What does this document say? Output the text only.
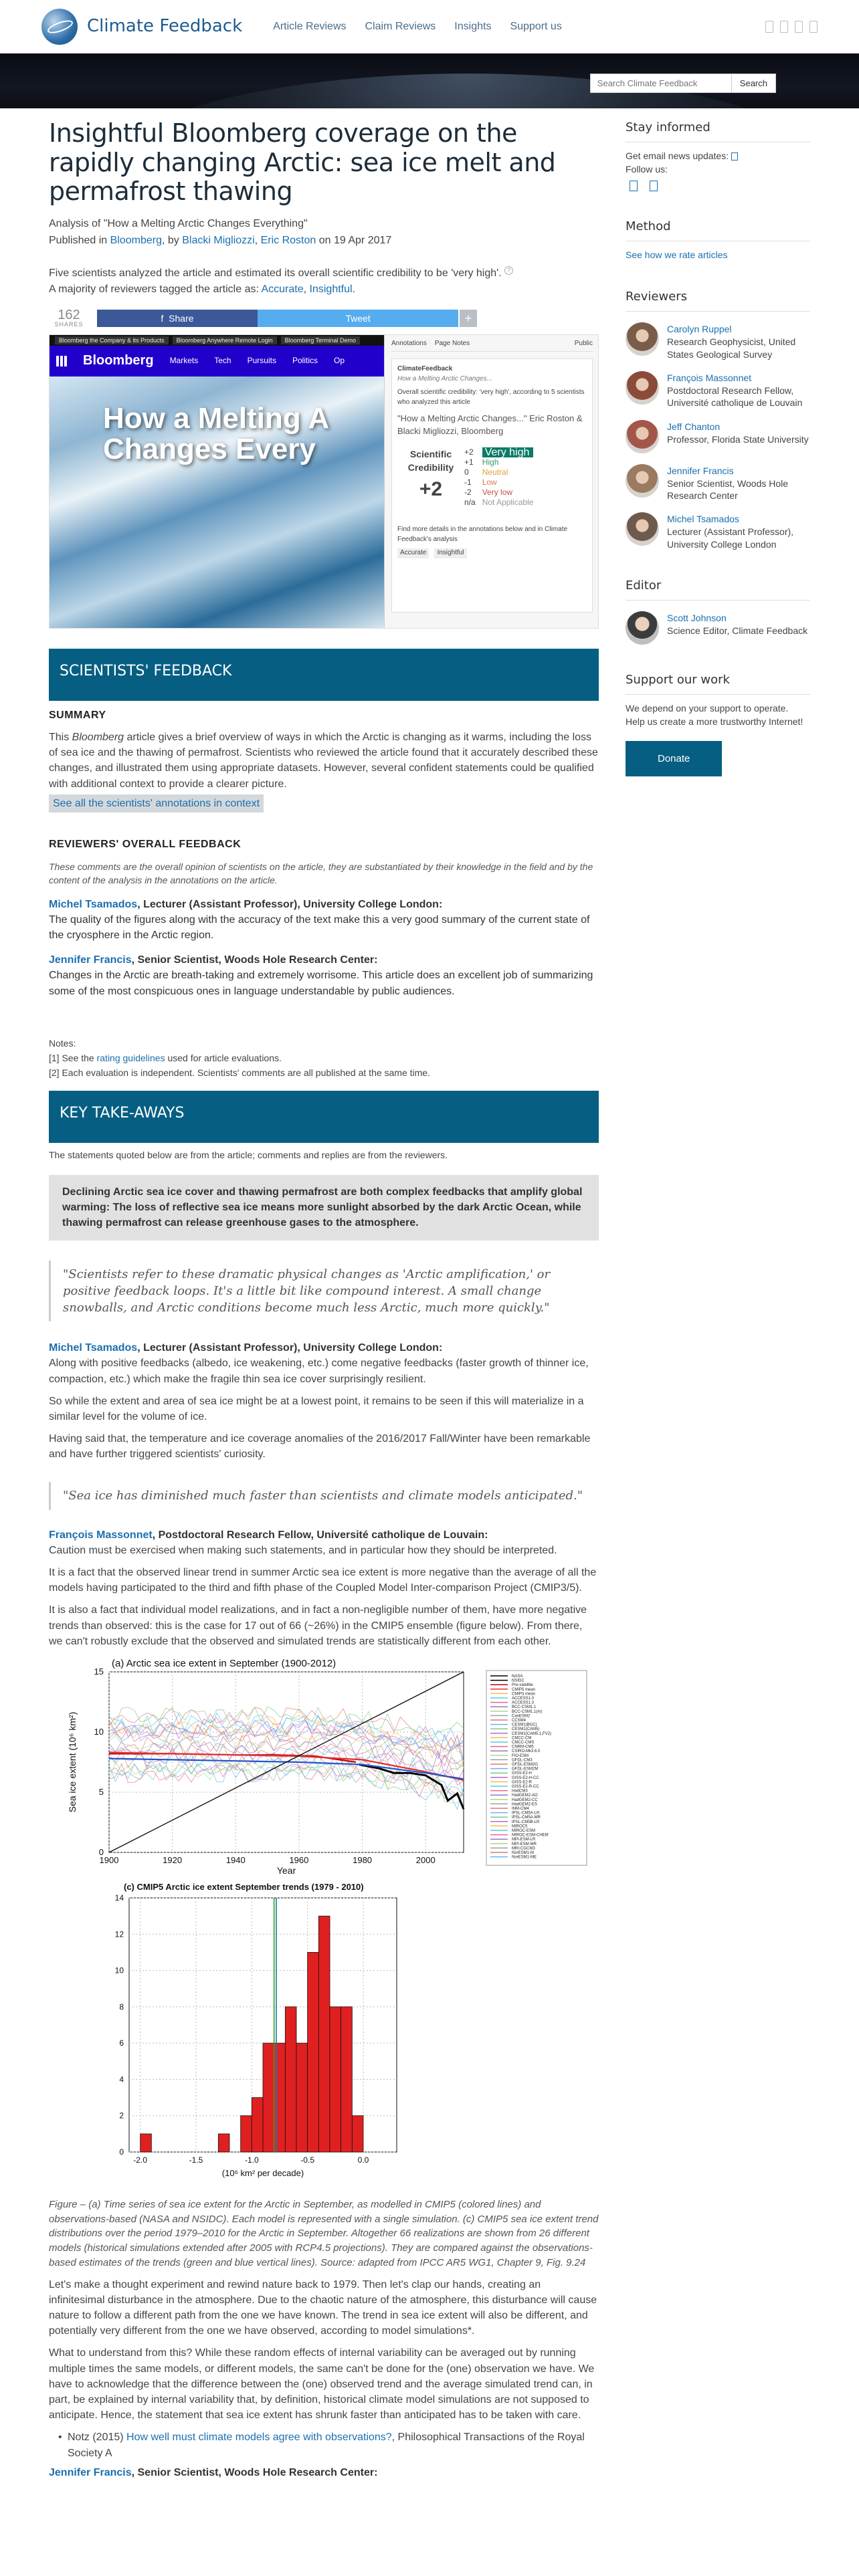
Climate Feedback	Article Reviews Claim Reviews Insights Support us
Search Climate Feedback
Search
Insightful Bloomberg coverage on the rapidly changing Arctic: sea ice melt and permafrost thawing
Analysis of "How a Melting Arctic Changes Everything"
Published in Bloomberg, by Blacki Migliozzi, Eric Roston on 19 Apr 2017
Five scientists analyzed the article and estimated its overall scientific credibility to be 'very high'. ?
A majority of reviewers tagged the article as: Accurate, Insightful.
162
SHARES
f  Share	Tweet	+
Bloomberg the Company & its Products	Bloomberg Anywhere Remote Login	Bloomberg Terminal Demo
Bloomberg Markets Tech Pursuits Politics Op
How a Melting A
Changes Every
Annotations Page Notes	Public
ClimateFeedback
How a Melting Arctic Changes...
Overall scientific credibility: 'very high', according to 5 scientists who analyzed this article
"How a Melting Arctic Changes..." Eric Roston & Blacki Migliozzi, Bloomberg
Scientific Credibility
+2
+2
+1
0
-1
-2
n/a
Very high
High
Neutral
Low
Very low
Not Applicable
Find more details in the annotations below and in Climate Feedback's analysis
Accurate	Insightful
SCIENTISTS' FEEDBACK
SUMMARY

This Bloomberg article gives a brief overview of ways in which the Arctic is changing as it warms, including the loss of sea ice and the thawing of permafrost. Scientists who reviewed the article found that it accurately described these changes, and illustrated them using appropriate datasets. However, several confident statements could be qualified with additional context to provide a clearer picture.

See all the scientists' annotations in context
REVIEWERS' OVERALL FEEDBACK
These comments are the overall opinion of scientists on the article, they are substantiated by their knowledge in the field and by the content of the analysis in the annotations on the article.
Michel Tsamados, Lecturer (Assistant Professor), University College London:
The quality of the figures along with the accuracy of the text make this a very good summary of the current state of the cryosphere in the Arctic region.
Jennifer Francis, Senior Scientist, Woods Hole Research Center:
Changes in the Arctic are breath-taking and extremely worrisome. This article does an excellent job of summarizing some of the most conspicuous ones in language understandable by public audiences.
Notes:
[1] See the rating guidelines used for article evaluations.
[2] Each evaluation is independent. Scientists' comments are all published at the same time.
KEY TAKE-AWAYS
The statements quoted below are from the article; comments and replies are from the reviewers.
Declining Arctic sea ice cover and thawing permafrost are both complex feedbacks that amplify global warming: The loss of reflective sea ice means more sunlight absorbed by the dark Arctic Ocean, while thawing permafrost can release greenhouse gases to the atmosphere.
"Scientists refer to these dramatic physical changes as 'Arctic amplification,' or positive feedback loops. It's a little bit like compound interest. A small change snowballs, and Arctic conditions become much less Arctic, much more quickly."
Michel Tsamados, Lecturer (Assistant Professor), University College London:
Along with positive feedbacks (albedo, ice weakening, etc.) come negative feedbacks (faster growth of thinner ice, compaction, etc.) which make the fragile thin sea ice cover surprisingly resilient.

So while the extent and area of sea ice might be at a lowest point, it remains to be seen if this will materialize in a similar level for the volume of ice.

Having said that, the temperature and ice coverage anomalies of the 2016/2017 Fall/Winter have been remarkable and have further triggered scientists' curiosity.

"Sea ice has diminished much faster than scientists and climate models anticipated."
François Massonnet, Postdoctoral Research Fellow, Université catholique de Louvain:
Caution must be exercised when making such statements, and in particular how they should be interpreted.

It is a fact that the observed linear trend in summer Arctic sea ice extent is more negative than the average of all the models having participated to the third and fifth phase of the Coupled Model Inter-comparison Project (CMIP3/5).

It is also a fact that individual model realizations, and in fact a non-negligible number of them, have more negative trends than observed: this is the case for 17 out of 66 (~26%) in the CMIP5 ensemble (figure below). From there, we can't robustly exclude that the observed and simulated trends are statistically different from each other.

(a) Arctic sea ice extent in September (1900-2012)
1900	1920	1940	1960	1980	2000
0
5
10
15
Year
Sea ice extent (10⁶ km²)
NASA
NSIDC
Pre-satellite
CMIP5 mean
CMIP3 mean
ACCESS1.0
ACCESS1.3
BCC-CSM1.1
BCC-CSM1.1(m)
CanESM2
CCSM4
CESM1(BGC)
CESM1(CAM5)
CESM1(CAM5.1,FV2)
CMCC-CM
CMCC-CMS
CNRM-CM5
CSIRO-Mk3.6.0
FIO-ESM
GFDL-CM3
GFDL-ESM2G
GFDL-ESM2M
GISS-E2-H
GISS-E2-H-CC
GISS-E2-R
GISS-E2-R-CC
HadCM3
HadGEM2-AO
HadGEM2-CC
HadGEM2-ES
INM-CM4
IPSL-CM5A-LR
IPSL-CM5A-MR
IPSL-CM5B-LR
MIROC5
MIROC-ESM
MIROC-ESM-CHEM
MPI-ESM-LR
MPI-ESM-MR
MRI-CGCM3
NorESM1-M
NorESM1-ME
(c) CMIP5 Arctic ice extent September trends (1979 - 2010)
-2.0	-1.5	-1.0	-0.5	0.0
0
2
4
6
8
10
12
14
(10⁶ km² per decade)
Figure – (a) Time series of sea ice extent for the Arctic in September, as modelled in CMIP5 (colored lines) and observations-based (NASA and NSIDC). Each model is represented with a single simulation. (c) CMIP5 sea ice extent trend distributions over the period 1979–2010 for the Arctic in September. Altogether 66 realizations are shown from 26 different models (historical simulations extended after 2005 with RCP4.5 projections). They are compared against the observations-based estimates of the trends (green and blue vertical lines). Source: adapted from IPCC AR5 WG1, Chapter 9, Fig. 9.24

Let's make a thought experiment and rewind nature back to 1979. Then let's clap our hands, creating an infinitesimal disturbance in the atmosphere. Due to the chaotic nature of the atmosphere, this disturbance will cause nature to follow a different path from the one we have known. The trend in sea ice extent will also be different, and potentially very different from the one we have observed, according to model simulations*.

What to understand from this? While these random effects of internal variability can be averaged out by running multiple times the same models, or different models, the same can't be done for the (one) observation we have. We have to acknowledge that the difference between the (one) observed trend and the average simulated trend can, in part, be explained by internal variability that, by definition, historical climate model simulations are not supposed to anticipate. Hence, the statement that sea ice extent has shrunk faster than anticipated has to be taken with care.

• Notz (2015) How well must climate models agree with observations?, Philosophical Transactions of the Royal Society A
Jennifer Francis, Senior Scientist, Woods Hole Research Center:
Stay informed
Get email news updates:
Follow us:
Method
See how we rate articles
Reviewers
Carolyn Ruppel
Research Geophysicist, United States Geological Survey
François Massonnet
Postdoctoral Research Fellow, Université catholique de Louvain
Jeff Chanton
Professor, Florida State University
Jennifer Francis
Senior Scientist, Woods Hole Research Center
Michel Tsamados
Lecturer (Assistant Professor), University College London
Editor
Scott Johnson
Science Editor, Climate Feedback
Support our work
We depend on your support to operate. Help us create a more trustworthy Internet!
Donate
